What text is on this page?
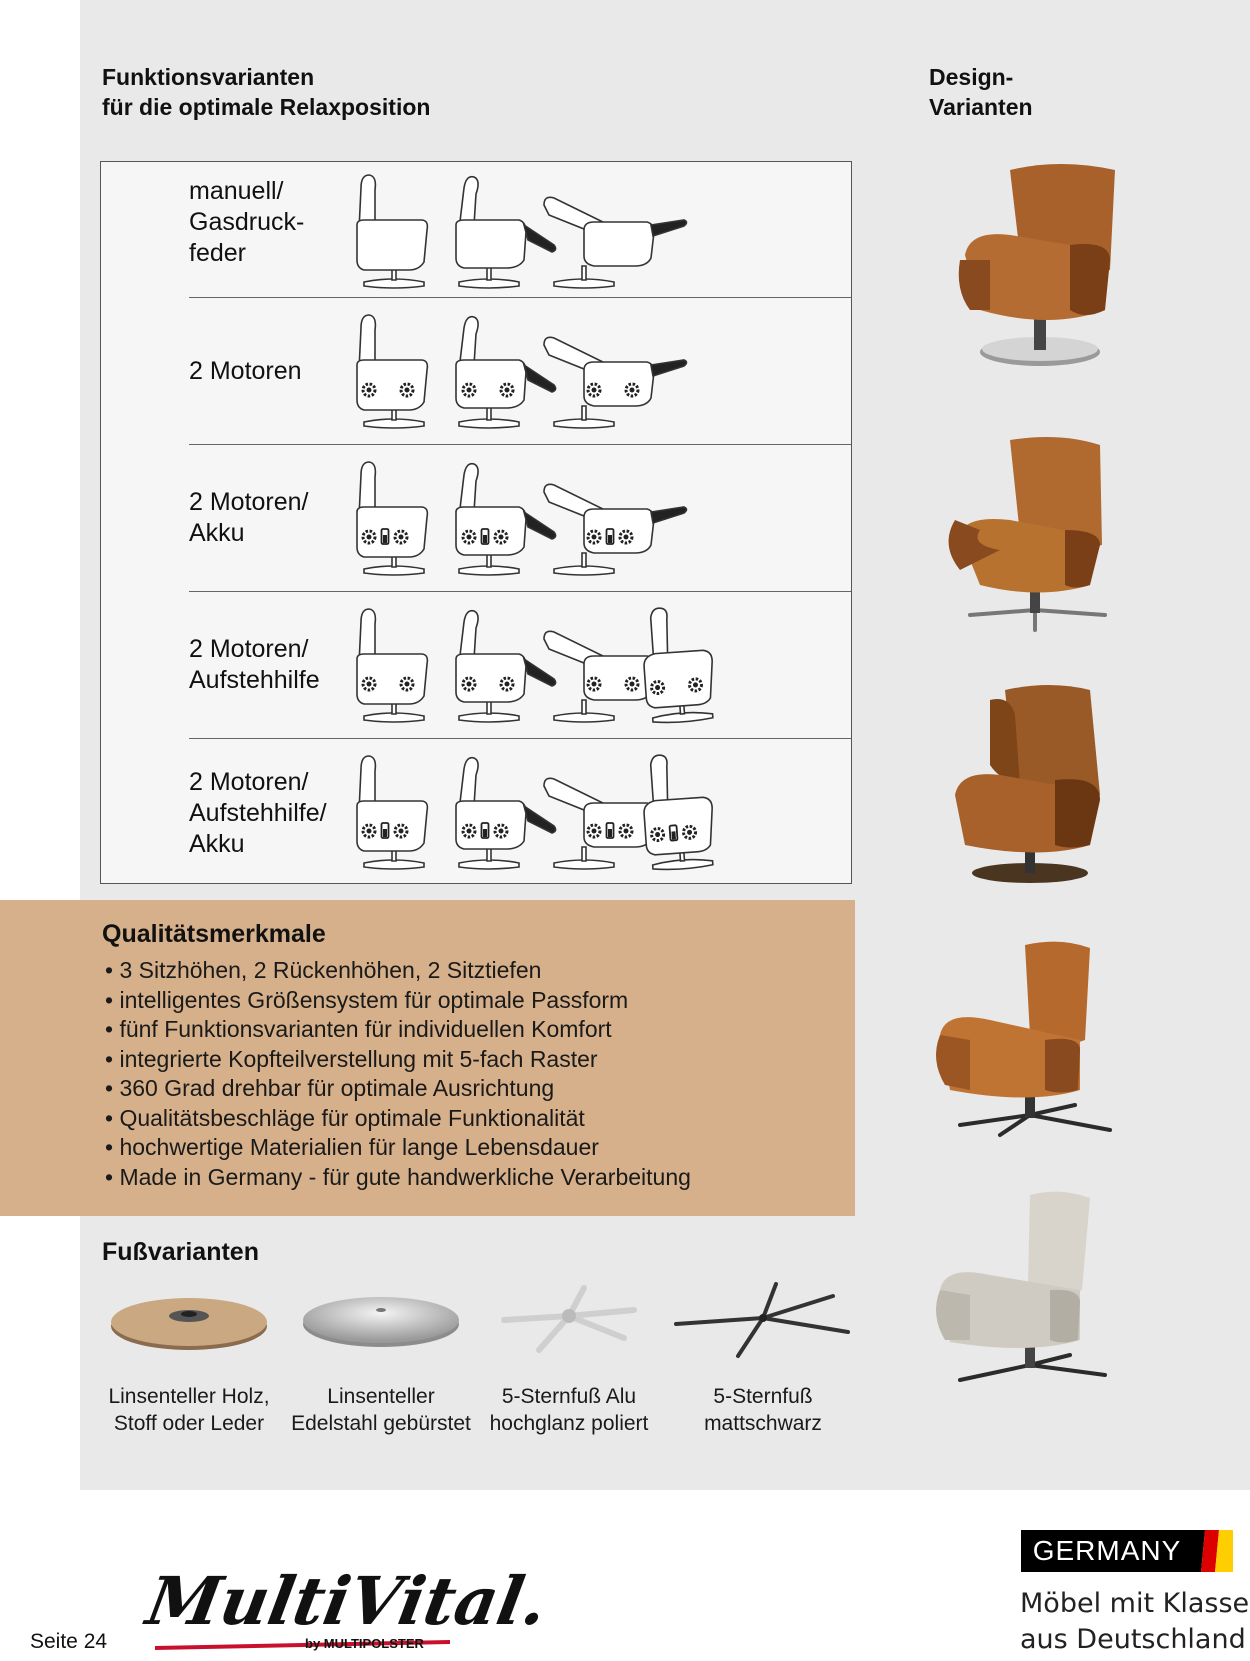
Funktionsvarianten
für die optimale Relaxposition
Design-
Varianten
manuell/
Gasdruck-
feder
2 Motoren
2 Motoren/
Akku
2 Motoren/
Aufstehhilfe
2 Motoren/
Aufstehhilfe/
Akku
Qualitätsmerkmale
• 3 Sitzhöhen, 2 Rückenhöhen, 2 Sitztiefen
• intelligentes Größensystem für optimale Passform
• fünf Funktionsvarianten für individuellen Komfort
• integrierte Kopfteilverstellung mit 5-fach Raster
• 360 Grad drehbar für optimale Ausrichtung
• Qualitätsbeschläge für optimale Funktionalität
• hochwertige Materialien für lange Lebensdauer
• Made in Germany - für gute handwerkliche Verarbeitung
Fußvarianten
Linsenteller Holz, Stoff oder Leder
Linsenteller Edelstahl gebürstet
5-Sternfuß Alu hochglanz poliert
5-Sternfuß mattschwarz
Seite 24
MultiVital.
by MULTIPOLSTER
GERMANY
Möbel mit Klasse
aus Deutschland
